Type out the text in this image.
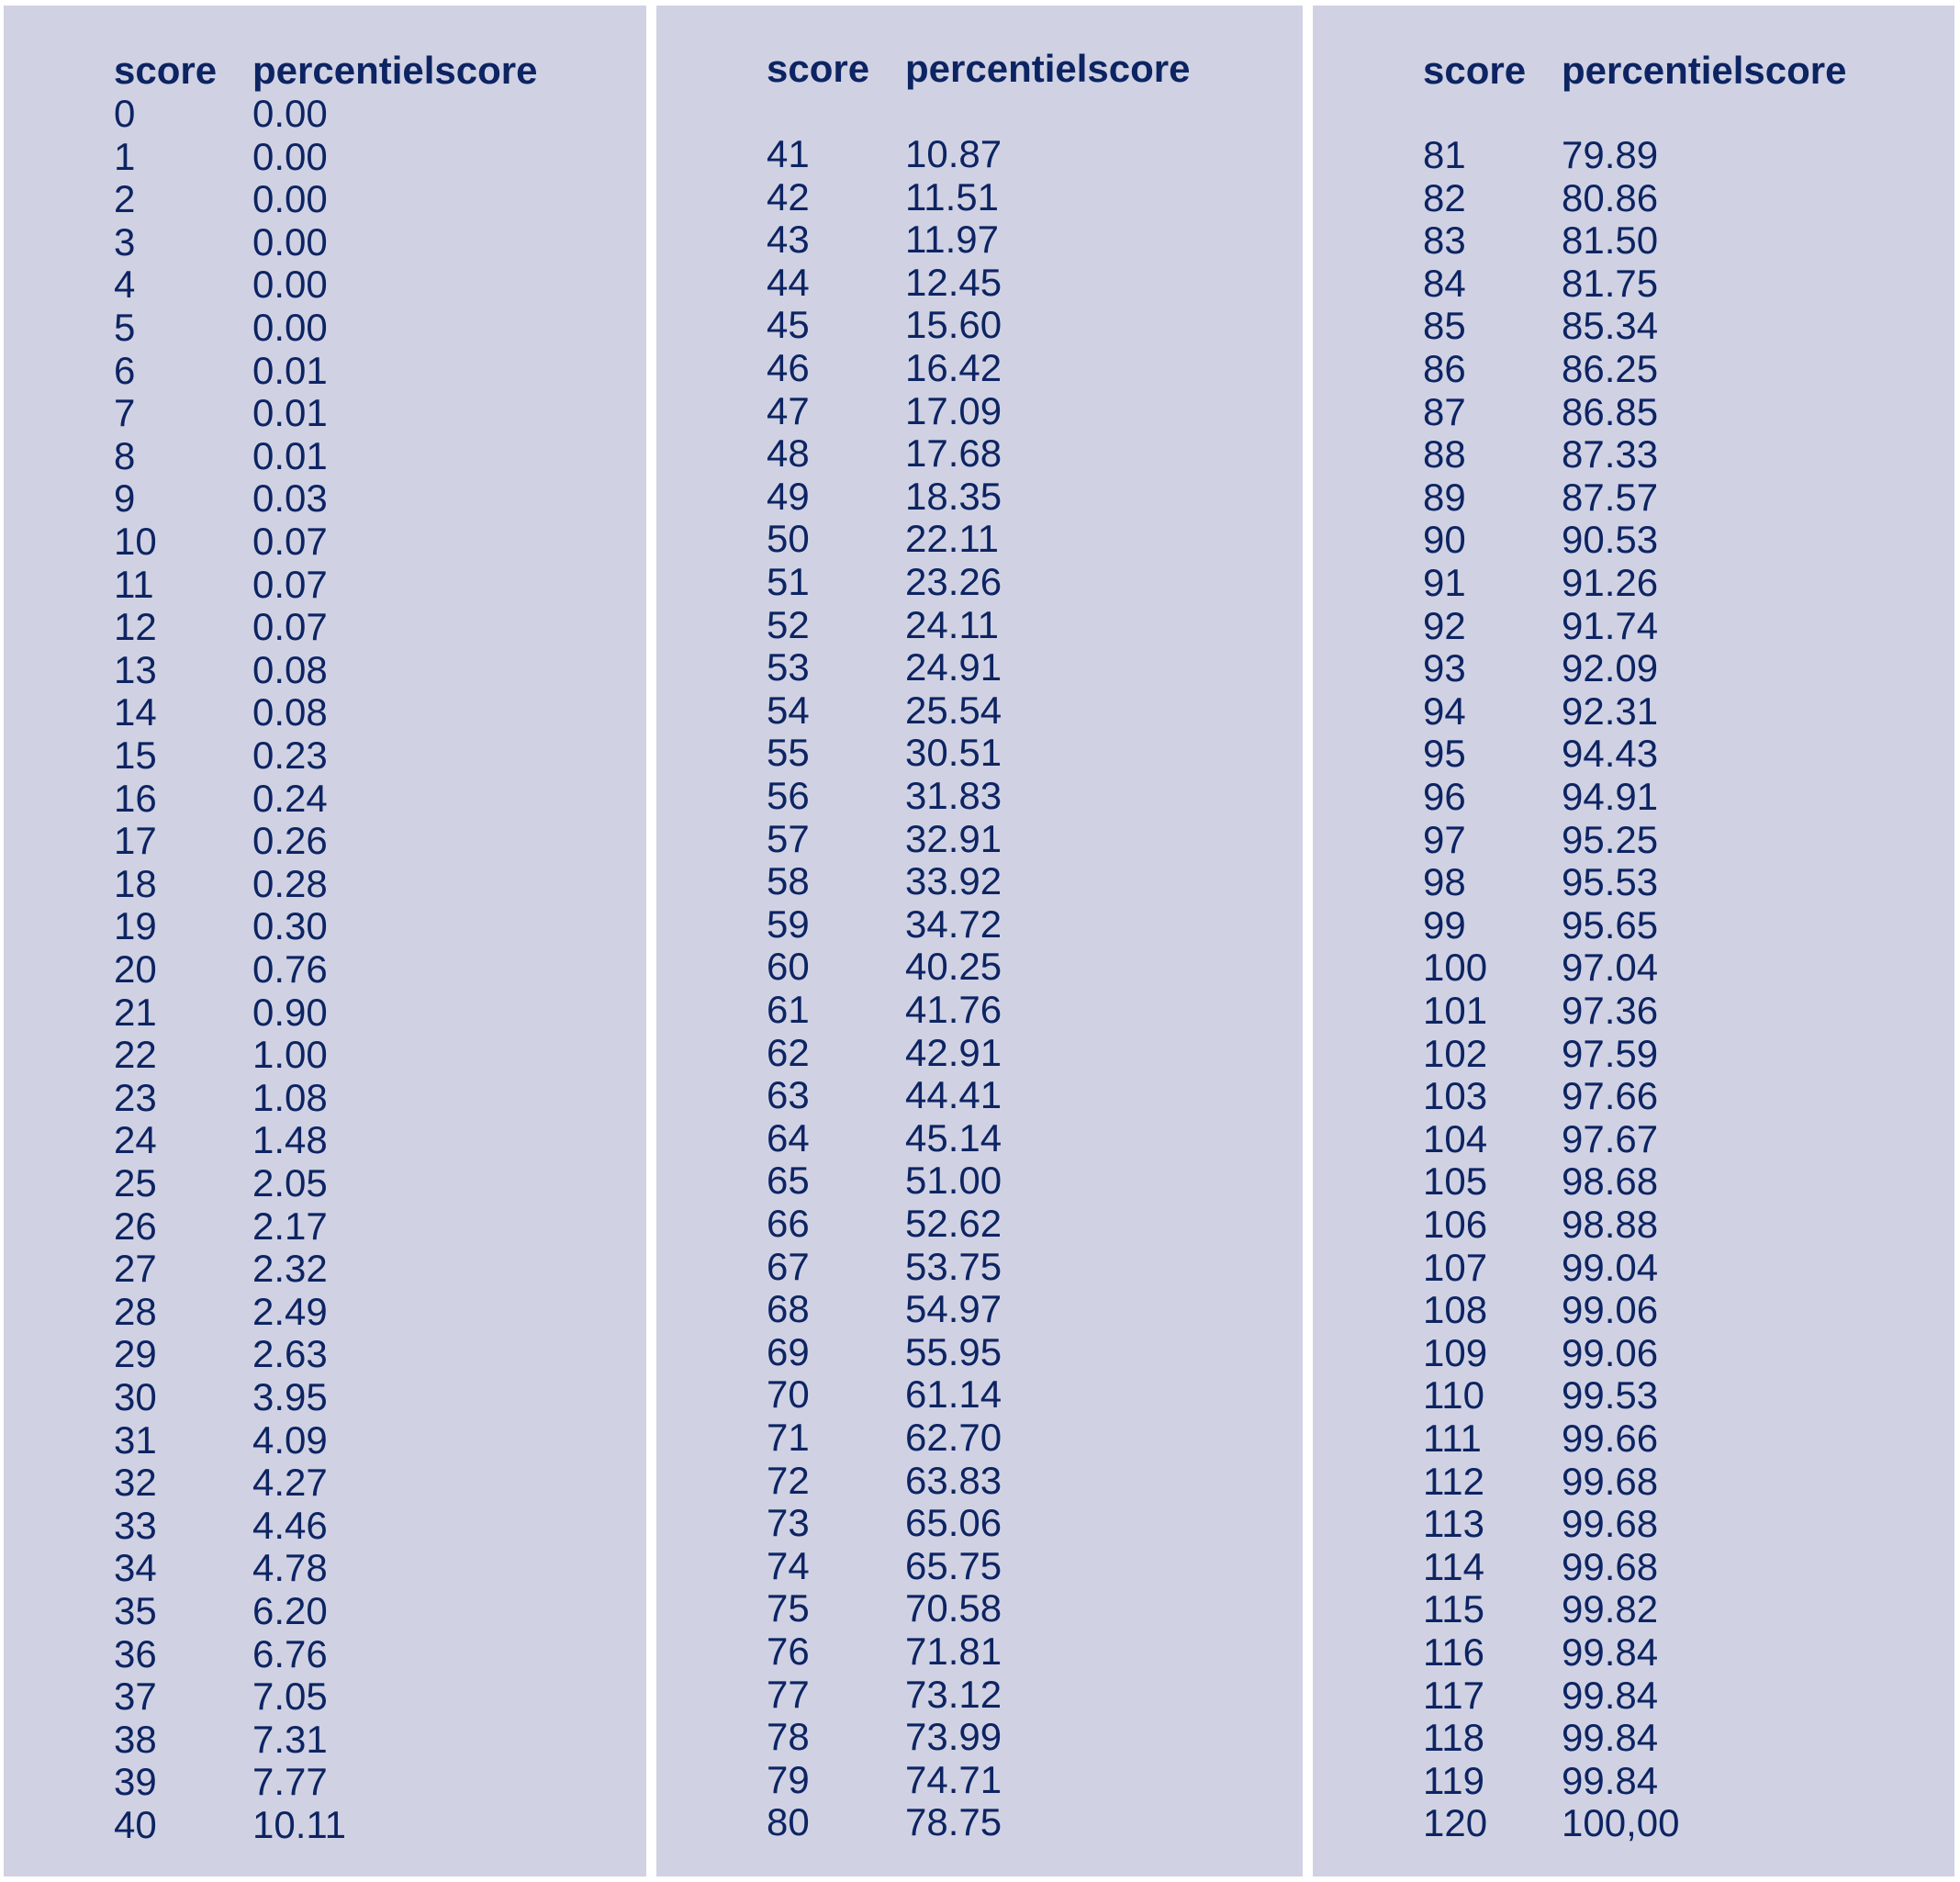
score percentielscore
0	0.00
1	0.00
2	0.00
3	0.00
4	0.00
5	0.00
6	0.01
7	0.01
8	0.01
9	0.03
10 0.07
11	0.07
12 0.07
13 0.08
14 0.08
15 0.23
16 0.24
17 0.26
18 0.28
19 0.30
20 0.76
21 0.90
22 1.00
23 1.08
24 1.48
25 2.05
26 2.17
27 2.32
28 2.49
29 2.63
30 3.95
31 4.09
32 4.27
33 4.46
34 4.78
35 6.20
36 6.76
37 7.05
38 7.31
39 7.77
40 10.11
score percentielscore
41 10.87
42 11.51
43 11.97
44 12.45
45 15.60
46 16.42
47 17.09
48 17.68
49 18.35
50 22.11
51 23.26
52 24.11
53 24.91
54 25.54
55 30.51
56 31.83
57 32.91
58 33.92
59 34.72
60 40.25
61 41.76
62 42.91
63 44.41
64 45.14
65 51.00
66 52.62
67 53.75
68 54.97
69 55.95
70 61.14
71 62.70
72 63.83
73 65.06
74 65.75
75 70.58
76 71.81
77 73.12
78 73.99
79 74.71
80 78.75
score percentielscore
81 79.89
82 80.86
83 81.50
84 81.75
85 85.34
86 86.25
87 86.85
88 87.33
89 87.57
90 90.53
91 91.26
92 91.74
93 92.09
94 92.31
95 94.43
96 94.91
97 95.25
98 95.53
99 95.65
100 97.04
101 97.36
102 97.59
103 97.66
104 97.67
105 98.68
106 98.88
107 99.04
108 99.06
109 99.06
110 99.53
111 99.66
112 99.68
113 99.68
114 99.68
115 99.82
116 99.84
117 99.84
118 99.84
119 99.84
120 100,00
